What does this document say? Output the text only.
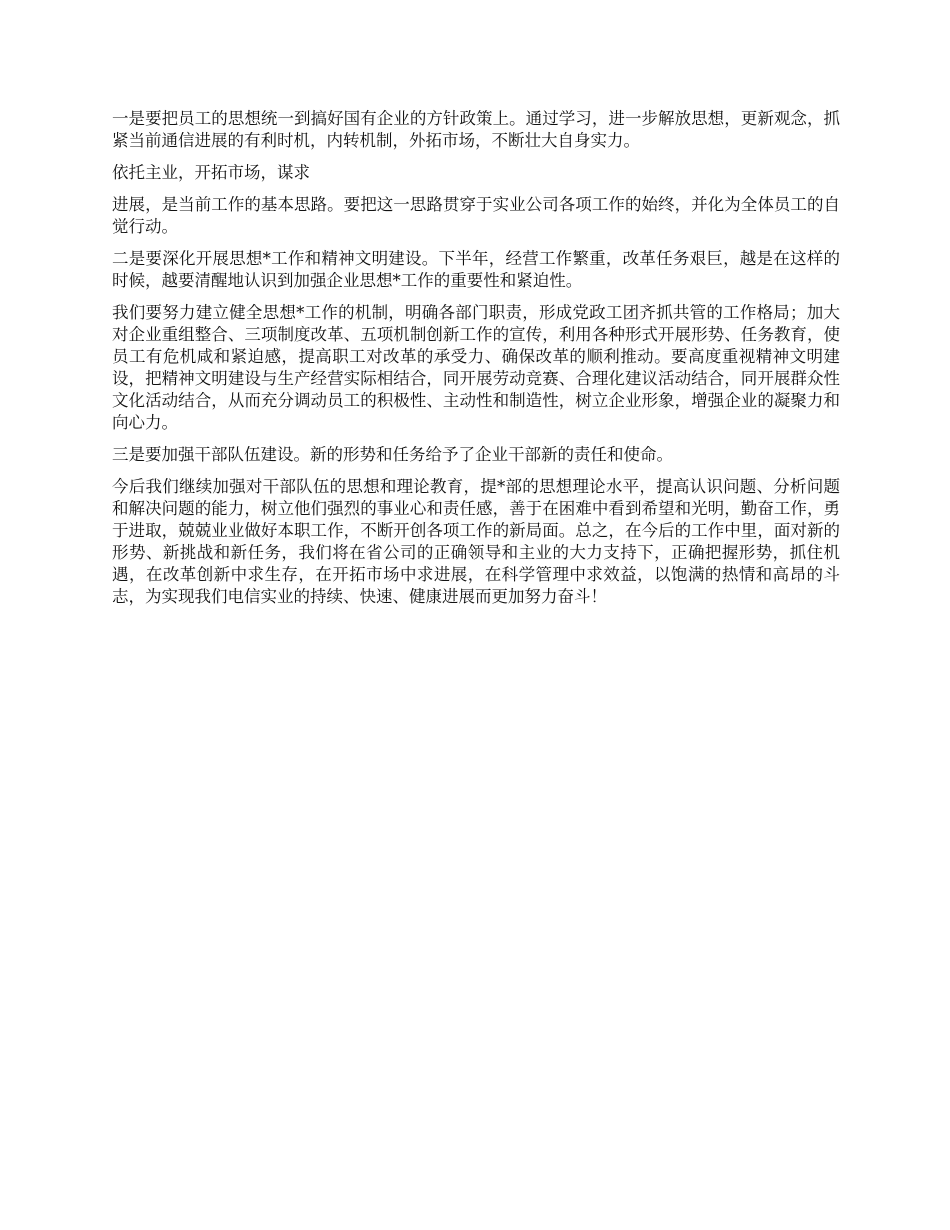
一是要把员工的思想统一到搞好国有企业的方针政策上。通过学习，进一步解放思想，更新观念，抓紧当前通信进展的有利时机，内转机制，外拓市场，不断壮大自身实力。

依托主业，开拓市场，谋求

进展，是当前工作的基本思路。要把这一思路贯穿于实业公司各项工作的始终，并化为全体员工的自觉行动。

二是要深化开展思想*工作和精神文明建设。下半年，经营工作繁重，改革任务艰巨，越是在这样的时候，越要清醒地认识到加强企业思想*工作的重要性和紧迫性。

我们要努力建立健全思想*工作的机制，明确各部门职责，形成党政工团齐抓共管的工作格局；加大对企业重组整合、三项制度改革、五项机制创新工作的宣传，利用各种形式开展形势、任务教育，使员工有危机咸和紧迫感，提高职工对改革的承受力、确保改革的顺利推动。要高度重视精神文明建设，把精神文明建设与生产经营实际相结合，同开展劳动竞赛、合理化建议活动结合，同开展群众性文化活动结合，从而充分调动员工的积极性、主动性和制造性，树立企业形象，增强企业的凝聚力和向心力。

三是要加强干部队伍建设。新的形势和任务给予了企业干部新的责任和使命。

今后我们继续加强对干部队伍的思想和理论教育，提*部的思想理论水平，提高认识问题、分析问题和解决问题的能力，树立他们强烈的事业心和责任感，善于在困难中看到希望和光明，勤奋工作，勇于进取，兢兢业业做好本职工作，不断开创各项工作的新局面。总之，在今后的工作中里，面对新的形势、新挑战和新任务，我们将在省公司的正确领导和主业的大力支持下，正确把握形势，抓住机遇，在改革创新中求生存，在开拓市场中求进展，在科学管理中求效益，以饱满的热情和高昂的斗志，为实现我们电信实业的持续、快速、健康进展而更加努力奋斗！
